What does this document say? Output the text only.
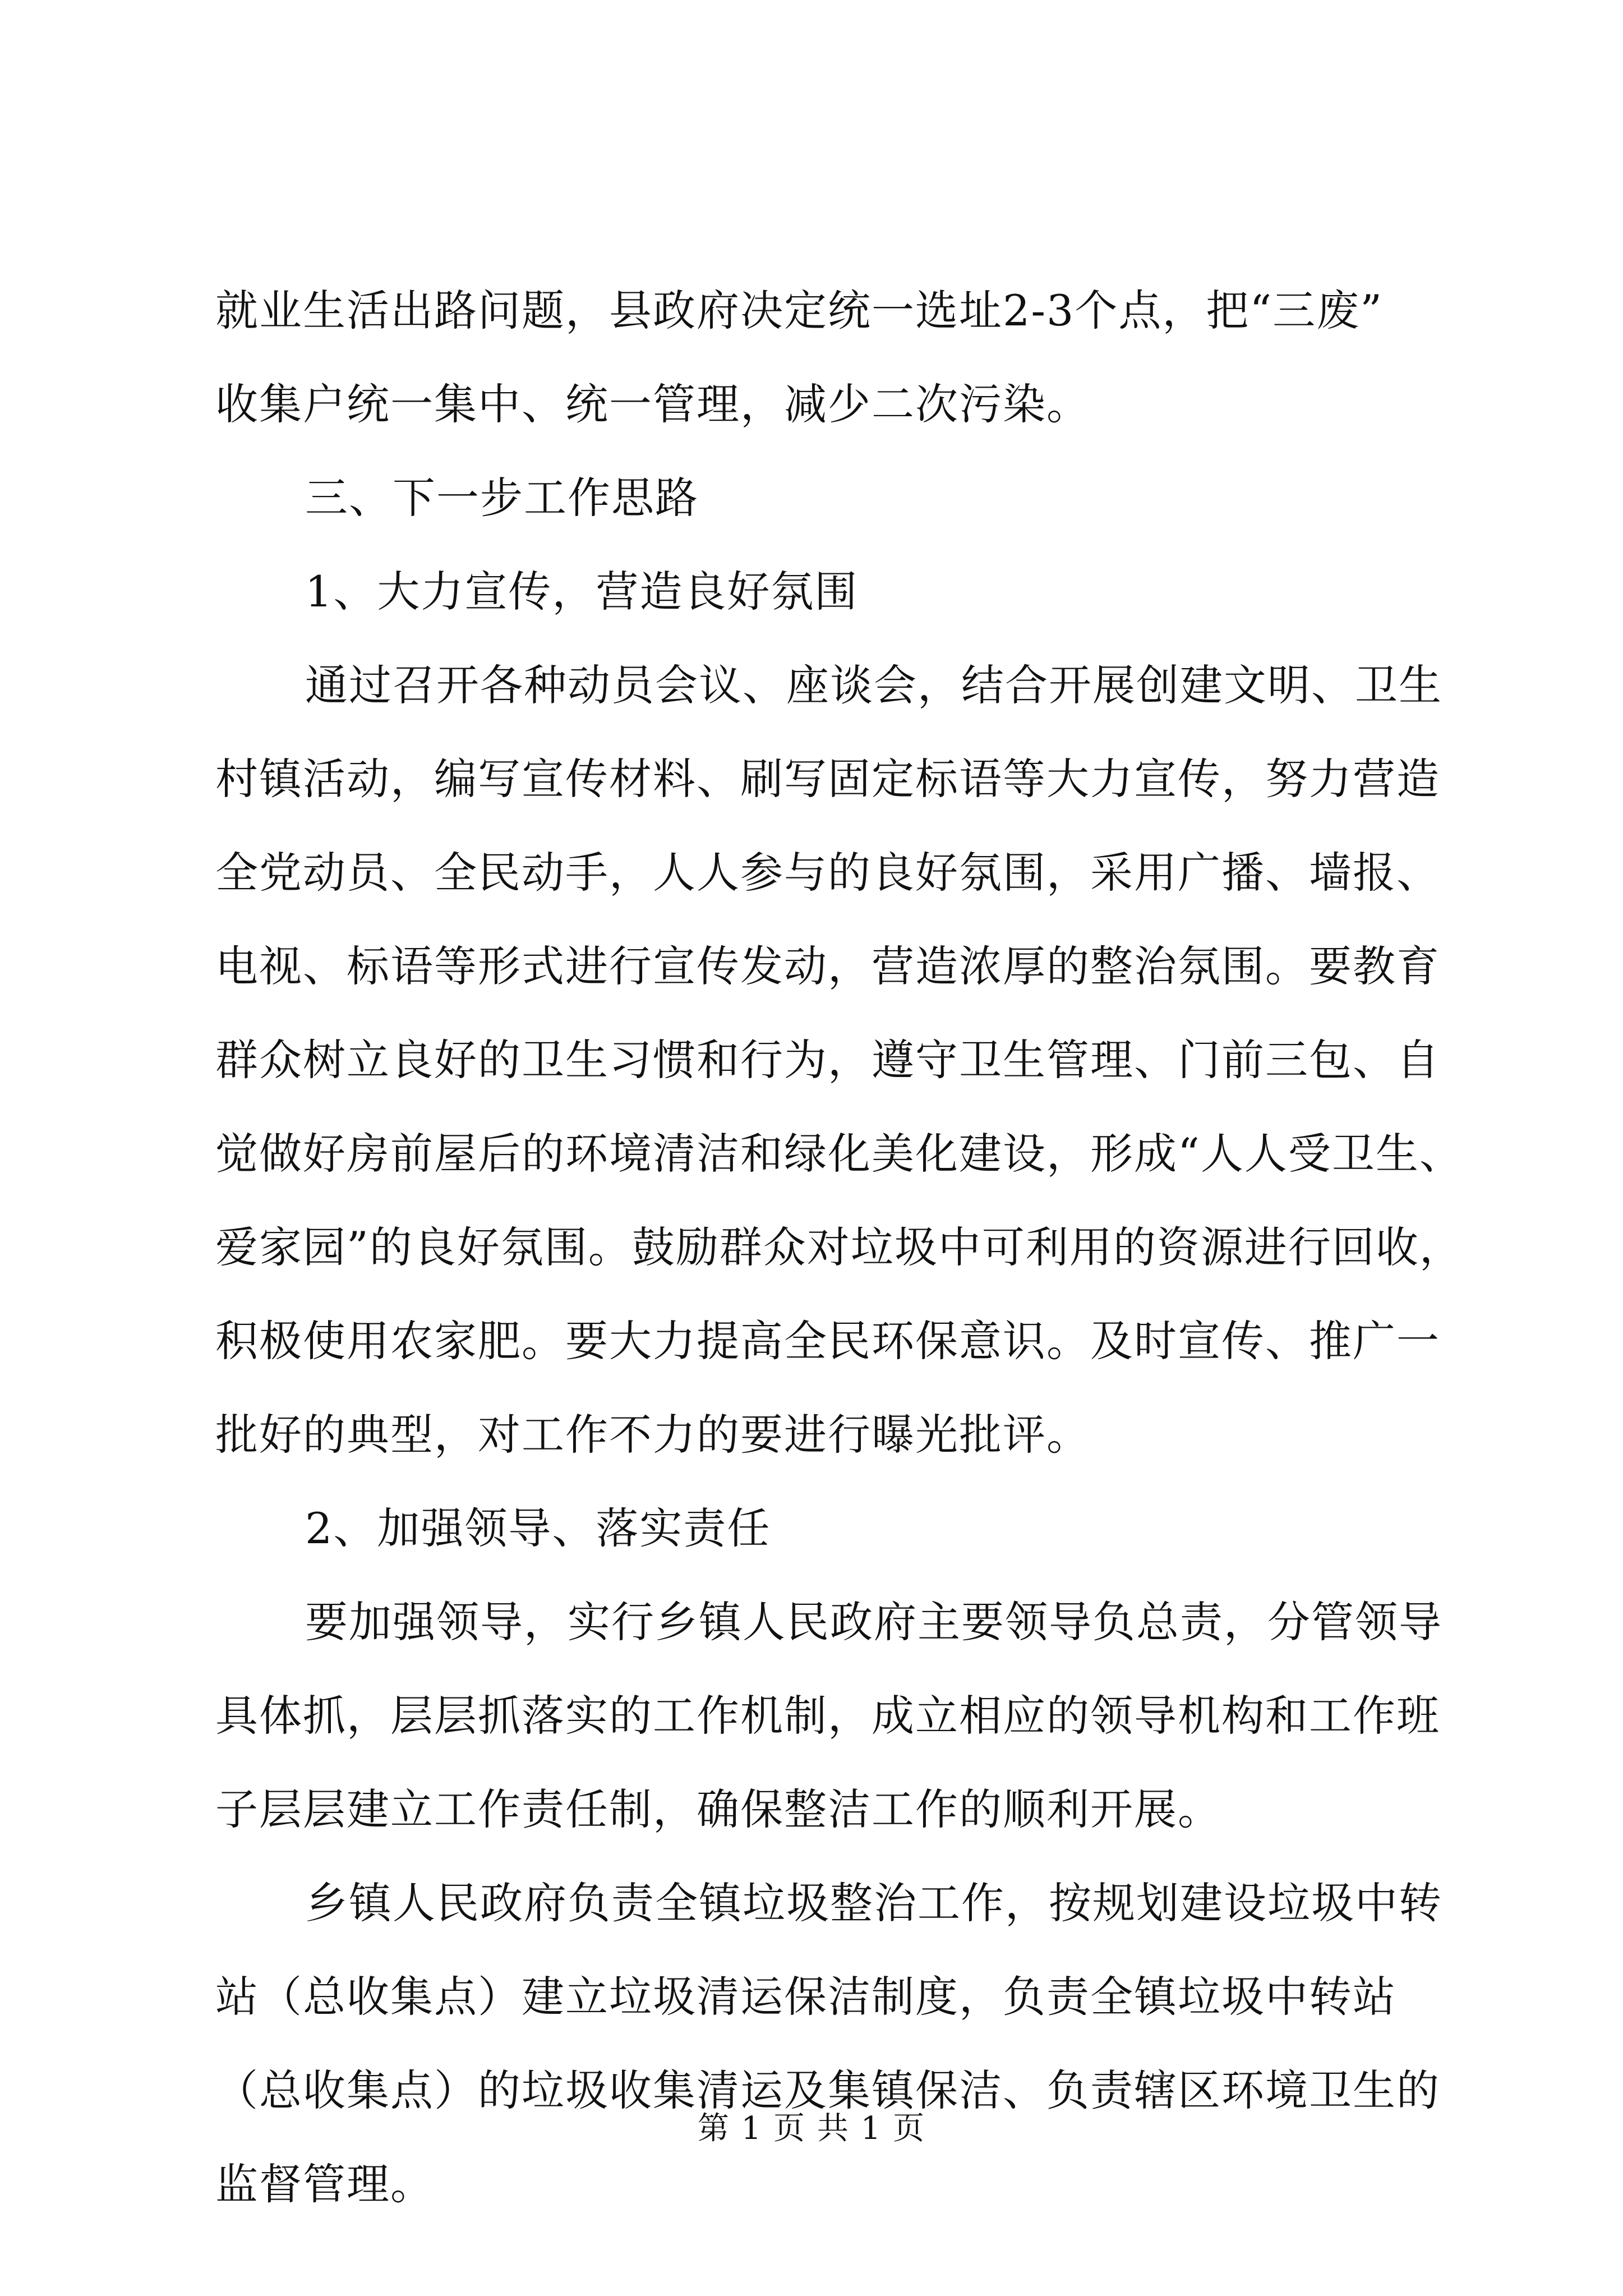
就业生活出路问题，县政府决定统一选址2-3个点，把“三废”
收集户统一集中、统一管理，减少二次污染。
三、下一步工作思路
1、大力宣传，营造良好氛围
通过召开各种动员会议、座谈会，结合开展创建文明、卫生
村镇活动，编写宣传材料、刷写固定标语等大力宣传，努力营造
全党动员、全民动手，人人参与的良好氛围，采用广播、墙报、
电视、标语等形式进行宣传发动，营造浓厚的整治氛围。要教育
群众树立良好的卫生习惯和行为，遵守卫生管理、门前三包、自
觉做好房前屋后的环境清洁和绿化美化建设，形成“人人受卫生、
爱家园”的良好氛围。鼓励群众对垃圾中可利用的资源进行回收，
积极使用农家肥。要大力提高全民环保意识。及时宣传、推广一
批好的典型，对工作不力的要进行曝光批评。
2、加强领导、落实责任
要加强领导，实行乡镇人民政府主要领导负总责，分管领导
具体抓，层层抓落实的工作机制，成立相应的领导机构和工作班
子层层建立工作责任制，确保整洁工作的顺利开展。
乡镇人民政府负责全镇垃圾整治工作，按规划建设垃圾中转
站（总收集点）建立垃圾清运保洁制度，负责全镇垃圾中转站
（总收集点）的垃圾收集清运及集镇保洁、负责辖区环境卫生的
监督管理。
第 1 页 共 1 页
